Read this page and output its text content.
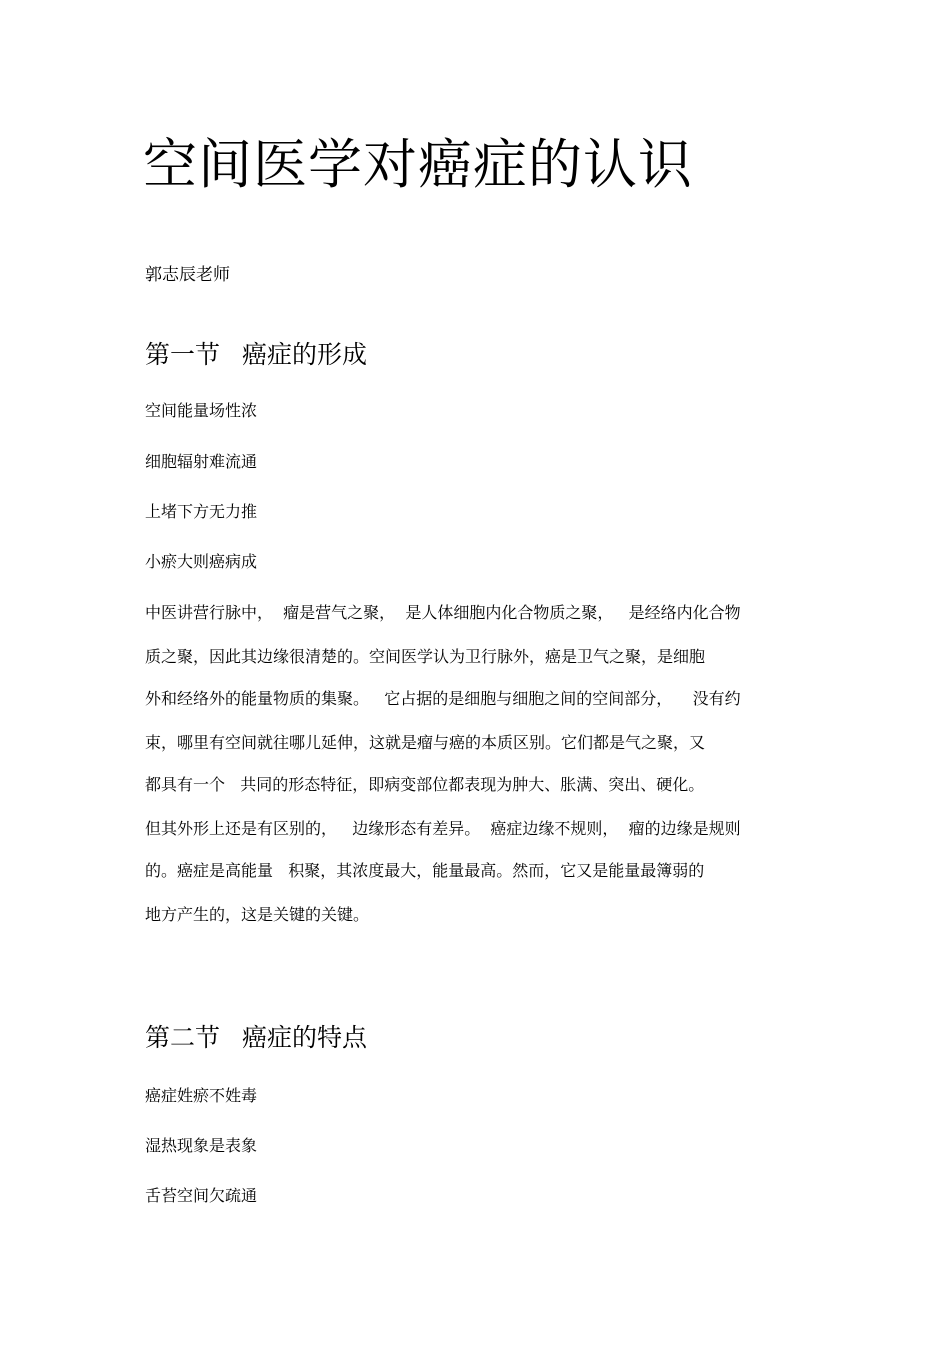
空间医学对癌症的认识
郭志辰老师
第一节 癌症的形成
空间能量场性浓
细胞辐射难流通
上堵下方无力推
小瘀大则癌病成
中医讲营行脉中，  瘤是营气之聚，  是人体细胞内化合物质之聚，   是经络内化合物
质之聚，因此其边缘很清楚的。空间医学认为卫行脉外，癌是卫气之聚，是细胞
外和经络外的能量物质的集聚。   它占据的是细胞与细胞之间的空间部分，    没有约
束，哪里有空间就往哪儿延伸，这就是瘤与癌的本质区别。它们都是气之聚，又
都具有一个   共同的形态特征，即病变部位都表现为肿大、胀满、突出、硬化。
但其外形上还是有区别的，   边缘形态有差异。  癌症边缘不规则，  瘤的边缘是规则
的。癌症是高能量   积聚，其浓度最大，能量最高。然而，它又是能量最簿弱的
地方产生的，这是关键的关键。
第二节 癌症的特点
癌症姓瘀不姓毒
湿热现象是表象
舌苔空间欠疏通
